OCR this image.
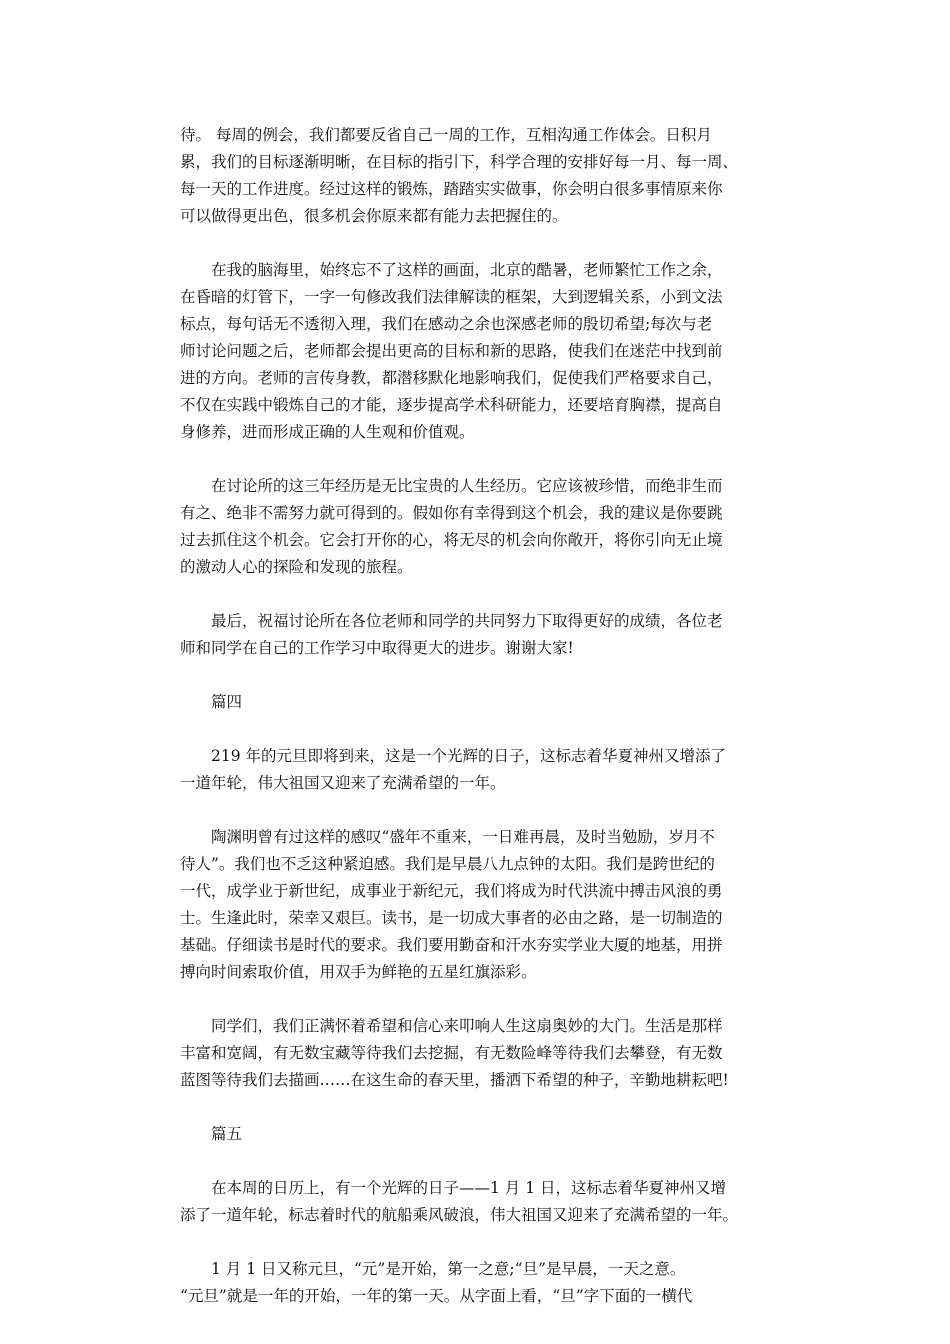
待。 每周的例会，我们都要反省自己一周的工作，互相沟通工作体会。日积月
累，我们的目标逐渐明晰，在目标的指引下，科学合理的安排好每一月、每一周、
每一天的工作进度。经过这样的锻炼，踏踏实实做事，你会明白很多事情原来你
可以做得更出色，很多机会你原来都有能力去把握住的。

　　在我的脑海里，始终忘不了这样的画面，北京的酷暑，老师繁忙工作之余，
在昏暗的灯管下，一字一句修改我们法律解读的框架，大到逻辑关系，小到文法
标点，每句话无不透彻入理，我们在感动之余也深感老师的殷切希望;每次与老
师讨论问题之后，老师都会提出更高的目标和新的思路，使我们在迷茫中找到前
进的方向。老师的言传身教，都潜移默化地影响我们，促使我们严格要求自己，
不仅在实践中锻炼自己的才能，逐步提高学术科研能力，还要培育胸襟，提高自
身修养，进而形成正确的人生观和价值观。

　　在讨论所的这三年经历是无比宝贵的人生经历。它应该被珍惜，而绝非生而
有之、绝非不需努力就可得到的。假如你有幸得到这个机会，我的建议是你要跳
过去抓住这个机会。它会打开你的心，将无尽的机会向你敞开，将你引向无止境
的激动人心的探险和发现的旅程。

　　最后，祝福讨论所在各位老师和同学的共同努力下取得更好的成绩，各位老
师和同学在自己的工作学习中取得更大的进步。谢谢大家!

　　篇四

　　219 年的元旦即将到来，这是一个光辉的日子，这标志着华夏神州又增添了
一道年轮，伟大祖国又迎来了充满希望的一年。

　　陶渊明曾有过这样的感叹“盛年不重来，一日难再晨，及时当勉励，岁月不
待人”。我们也不乏这种紧迫感。我们是早晨八九点钟的太阳。我们是跨世纪的
一代，成学业于新世纪，成事业于新纪元，我们将成为时代洪流中搏击风浪的勇
士。生逢此时，荣幸又艰巨。读书，是一切成大事者的必由之路，是一切制造的
基础。仔细读书是时代的要求。我们要用勤奋和汗水夯实学业大厦的地基，用拼
搏向时间索取价值，用双手为鲜艳的五星红旗添彩。

　　同学们，我们正满怀着希望和信心来叩响人生这扇奥妙的大门。生活是那样
丰富和宽阔，有无数宝藏等待我们去挖掘，有无数险峰等待我们去攀登，有无数
蓝图等待我们去描画……在这生命的春天里，播洒下希望的种子，辛勤地耕耘吧!

　　篇五

　　在本周的日历上，有一个光辉的日子——1 月 1 日，这标志着华夏神州又增
添了一道年轮，标志着时代的航船乘风破浪，伟大祖国又迎来了充满希望的一年。

　　1 月 1 日又称元旦，“元”是开始，第一之意;“旦”是早晨，一天之意。
“元旦”就是一年的开始，一年的第一天。从字面上看，“旦”字下面的一横代
